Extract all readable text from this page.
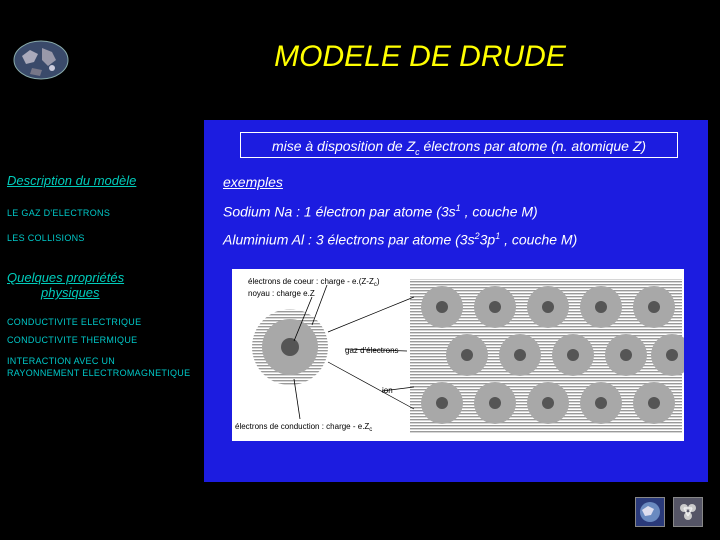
MODELE DE DRUDE
mise à disposition de $Z_c$ électrons par atome (n. atomique Z)
Description du modèle
LE GAZ D'ELECTRONS
LES COLLISIONS
Quelques propriétés
physiques
CONDUCTIVITE ELECTRIQUE
CONDUCTIVITE THERMIQUE
INTERACTION AVEC UN
RAYONNEMENT ELECTROMAGNETIQUE
exemples
Sodium Na : 1 électron par atome ($3s^1$ , couche M)
Aluminium Al : 3 électrons par atome ($3s^23p^1$ , couche M)
électrons de coeur : charge - $e.(Z-Z_c)$
noyau : charge e.Z
gaz d'électrons
ion
électrons de conduction : charge - $e.Z_c$
